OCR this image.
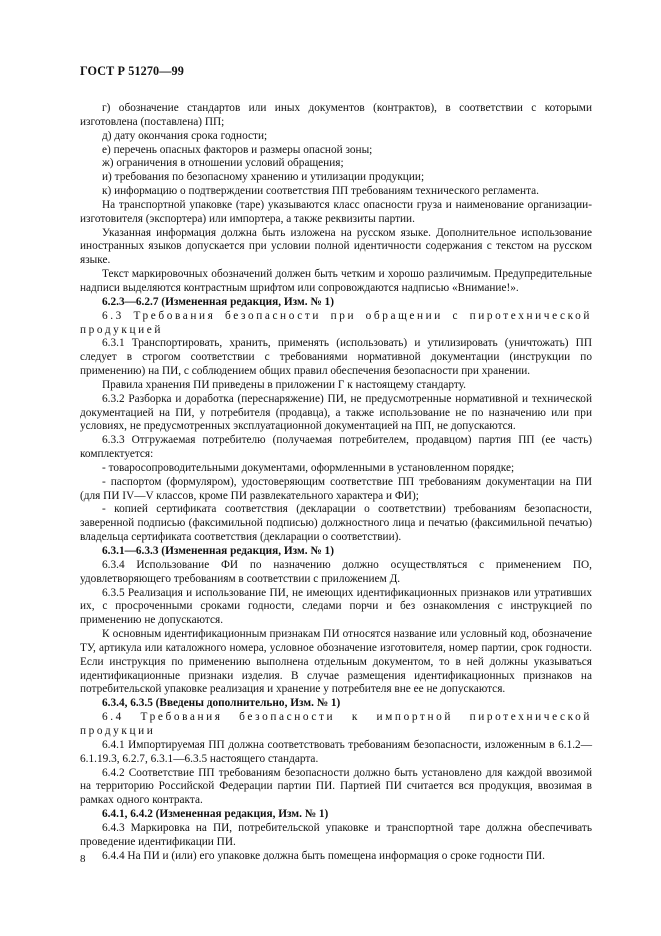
ГОСТ Р 51270—99

г) обозначение стандартов или иных документов (контрактов), в соответствии с которыми изготовлена (поставлена) ПП;

д) дату окончания срока годности;

е) перечень опасных факторов и размеры опасной зоны;

ж) ограничения в отношении условий обращения;

и) требования по безопасному хранению и утилизации продукции;

к) информацию о подтверждении соответствия ПП требованиям технического регламента.

На транспортной упаковке (таре) указываются класс опасности груза и наименование организации-изготовителя (экспортера) или импортера, а также реквизиты партии.

Указанная информация должна быть изложена на русском языке. Дополнительное использование иностранных языков допускается при условии полной идентичности содержания с текстом на русском языке.

Текст маркировочных обозначений должен быть четким и хорошо различимым. Предупредительные надписи выделяются контрастным шрифтом или сопровождаются надписью «Внимание!».

6.2.3—6.2.7 (Измененная редакция, Изм. № 1)

6.3 Требования безопасности при обращении с пиротехнической продукцией

6.3.1 Транспортировать, хранить, применять (использовать) и утилизировать (уничтожать) ПП следует в строгом соответствии с требованиями нормативной документации (инструкции по применению) на ПИ, с соблюдением общих правил обеспечения безопасности при хранении.

Правила хранения ПИ приведены в приложении Г к настоящему стандарту.

6.3.2 Разборка и доработка (переснаряжение) ПИ, не предусмотренные нормативной и технической документацией на ПИ, у потребителя (продавца), а также использование не по назначению или при условиях, не предусмотренных эксплуатационной документацией на ПП, не допускаются.

6.3.3 Отгружаемая потребителю (получаемая потребителем, продавцом) партия ПП (ее часть) комплектуется:

- товаросопроводительными документами, оформленными в установленном порядке;

- паспортом (формуляром), удостоверяющим соответствие ПП требованиям документации на ПИ (для ПИ IV—V классов, кроме ПИ развлекательного характера и ФИ);

- копией сертификата соответствия (декларации о соответствии) требованиям безопасности, заверенной подписью (факсимильной подписью) должностного лица и печатью (факсимильной печатью) владельца сертификата соответствия (декларации о соответствии).

6.3.1—6.3.3 (Измененная редакция, Изм. № 1)

6.3.4 Использование ФИ по назначению должно осуществляться с применением ПО, удовлетворяющего требованиям в соответствии с приложением Д.

6.3.5 Реализация и использование ПИ, не имеющих идентификационных признаков или утративших их, с просроченными сроками годности, следами порчи и без ознакомления с инструкцией по применению не допускаются.

К основным идентификационным признакам ПИ относятся название или условный код, обозначение ТУ, артикула или каталожного номера, условное обозначение изготовителя, номер партии, срок годности. Если инструкция по применению выполнена отдельным документом, то в ней должны указываться идентификационные признаки изделия. В случае размещения идентификационных признаков на потребительской упаковке реализация и хранение у потребителя вне ее не допускаются.

6.3.4, 6.3.5 (Введены дополнительно, Изм. № 1)

6.4 Требования безопасности к импортной пиротехнической продукции

6.4.1 Импортируемая ПП должна соответствовать требованиям безопасности, изложенным в 6.1.2—6.1.19.3, 6.2.7, 6.3.1—6.3.5 настоящего стандарта.

6.4.2 Соответствие ПП требованиям безопасности должно быть установлено для каждой ввозимой на территорию Российской Федерации партии ПИ. Партией ПИ считается вся продукция, ввозимая в рамках одного контракта.

6.4.1, 6.4.2 (Измененная редакция, Изм. № 1)

6.4.3 Маркировка на ПИ, потребительской упаковке и транспортной таре должна обеспечивать проведение идентификации ПИ.

6.4.4 На ПИ и (или) его упаковке должна быть помещена информация о сроке годности ПИ.

8
